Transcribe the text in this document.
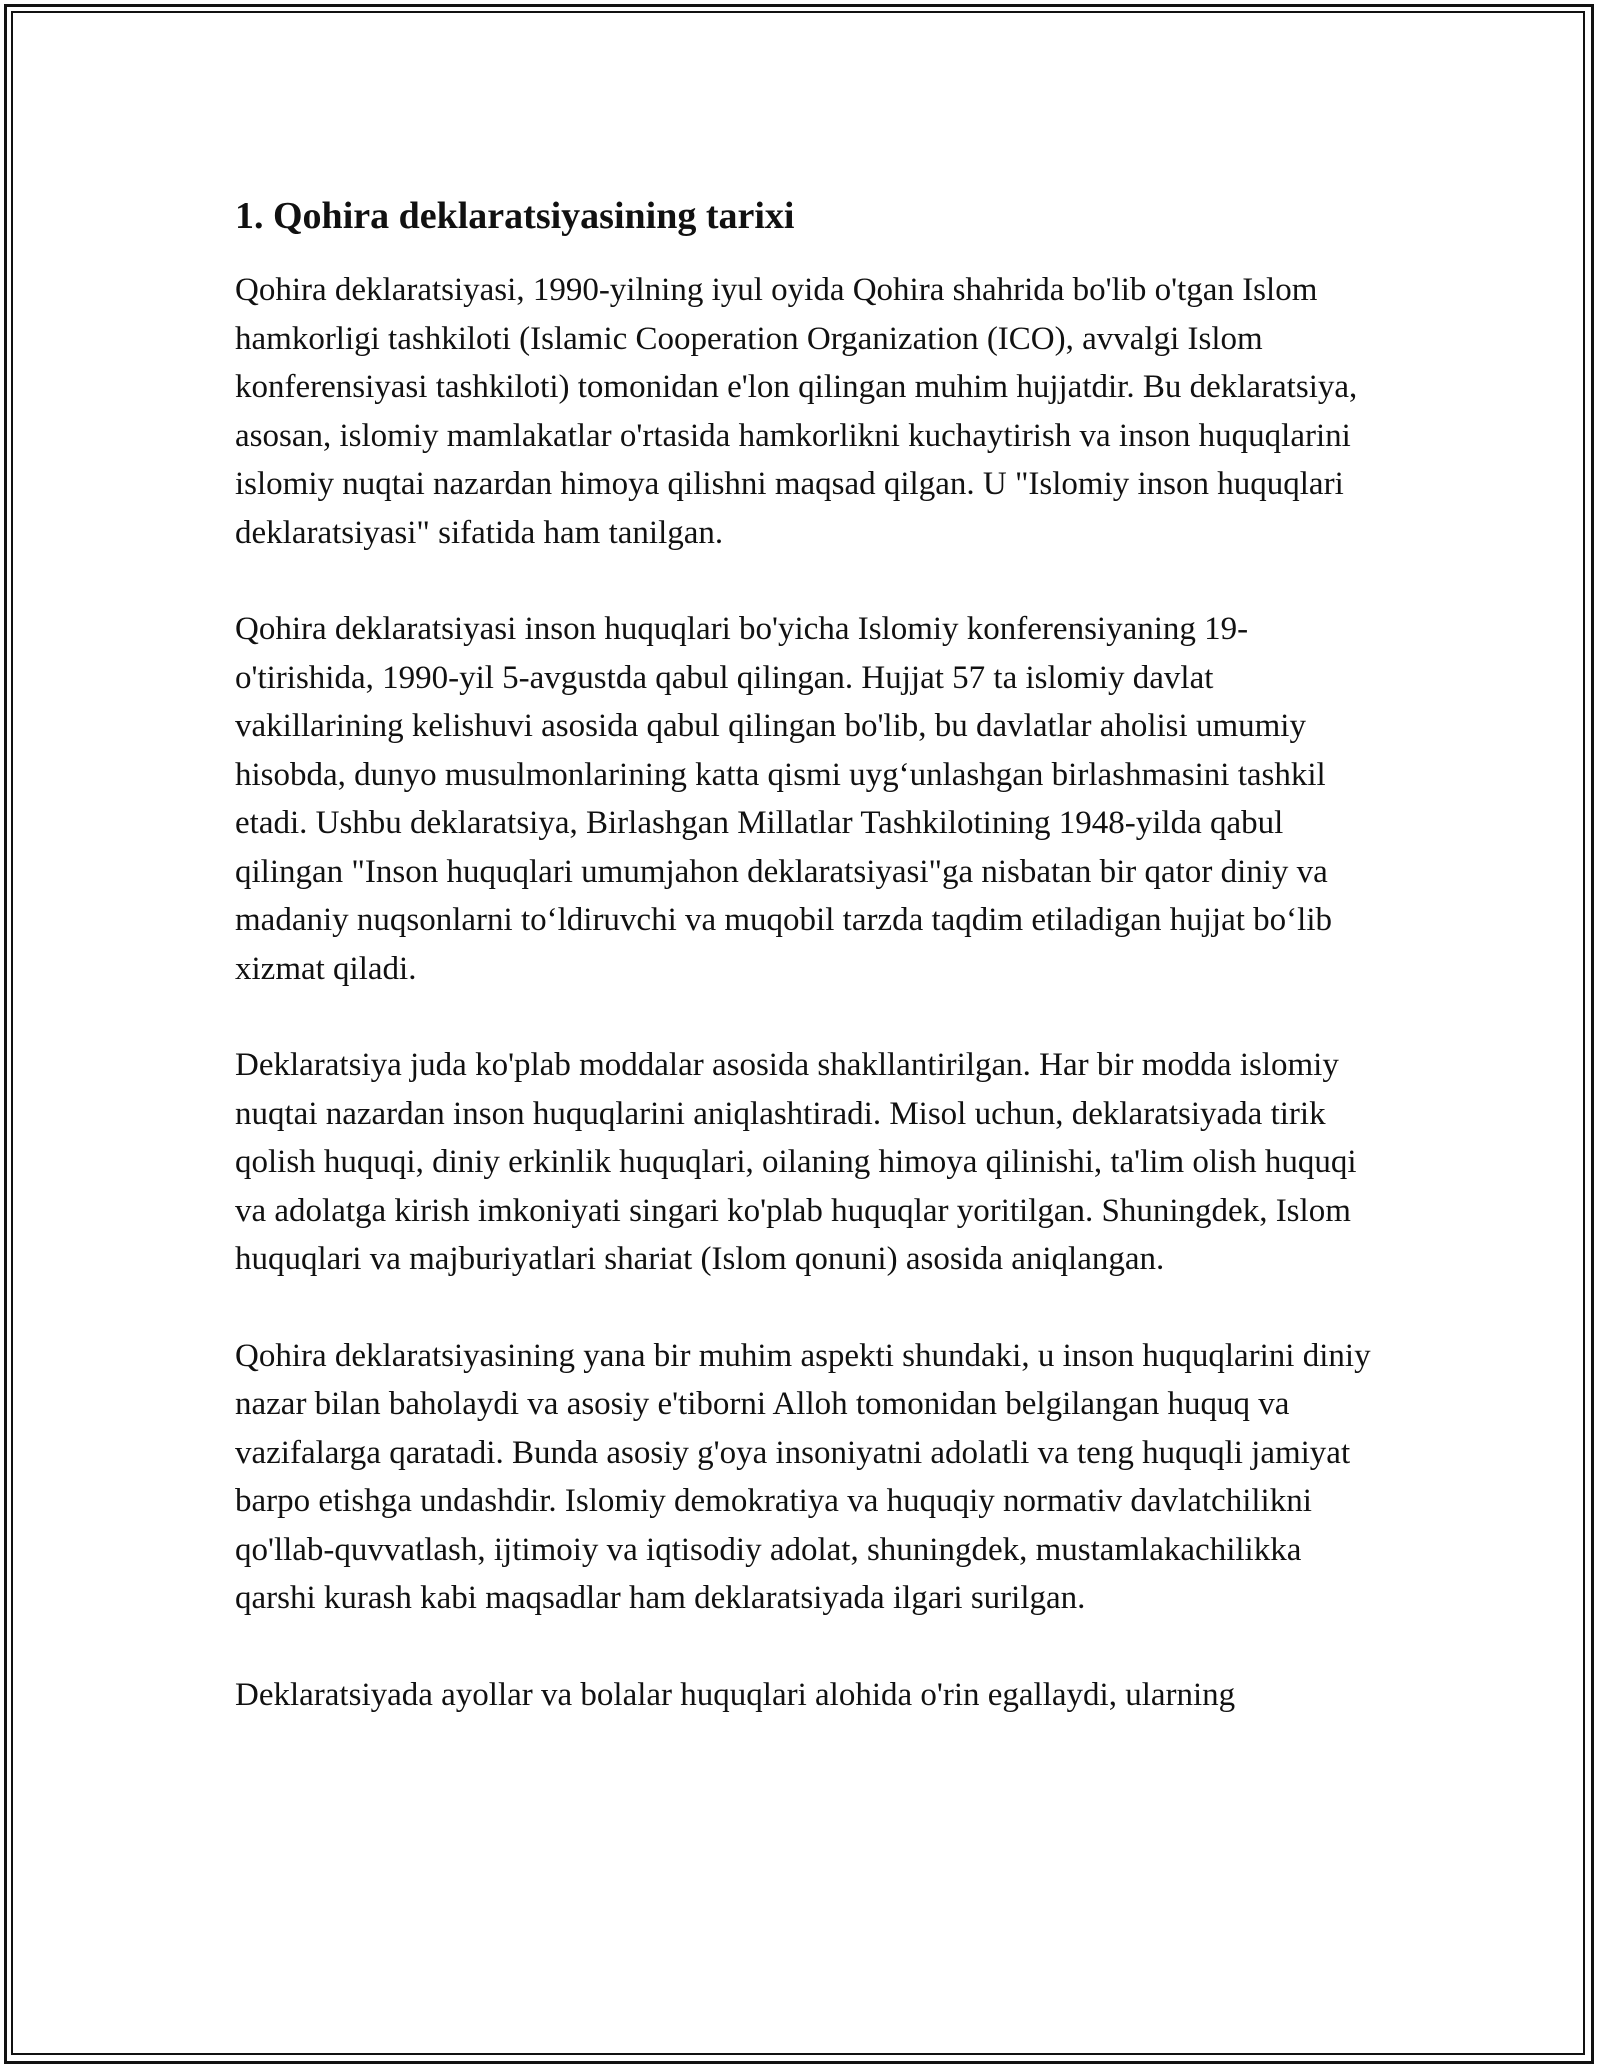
1. Qohira deklaratsiyasining tarixi

Qohira deklaratsiyasi, 1990-yilning iyul oyida Qohira shahrida bo'lib o'tgan Islom hamkorligi tashkiloti (Islamic Cooperation Organization (ICO), avvalgi Islom konferensiyasi tashkiloti) tomonidan e'lon qilingan muhim hujjatdir. Bu deklaratsiya, asosan, islomiy mamlakatlar o'rtasida hamkorlikni kuchaytirish va inson huquqlarini islomiy nuqtai nazardan himoya qilishni maqsad qilgan. U "Islomiy inson huquqlari deklaratsiyasi" sifatida ham tanilgan.

Qohira deklaratsiyasi inson huquqlari bo'yicha Islomiy konferensiyaning 19-o'tirishida, 1990-yil 5-avgustda qabul qilingan. Hujjat 57 ta islomiy davlat vakillarining kelishuvi asosida qabul qilingan bo'lib, bu davlatlar aholisi umumiy hisobda, dunyo musulmonlarining katta qismi uyg‘unlashgan birlashmasini tashkil etadi. Ushbu deklaratsiya, Birlashgan Millatlar Tashkilotining 1948-yilda qabul qilingan "Inson huquqlari umumjahon deklaratsiyasi"ga nisbatan bir qator diniy va madaniy nuqsonlarni to‘ldiruvchi va muqobil tarzda taqdim etiladigan hujjat bo‘lib xizmat qiladi.

Deklaratsiya juda ko'plab moddalar asosida shakllantirilgan. Har bir modda islomiy nuqtai nazardan inson huquqlarini aniqlashtiradi. Misol uchun, deklaratsiyada tirik qolish huquqi, diniy erkinlik huquqlari, oilaning himoya qilinishi, ta'lim olish huquqi va adolatga kirish imkoniyati singari ko'plab huquqlar yoritilgan. Shuningdek, Islom huquqlari va majburiyatlari shariat (Islom qonuni) asosida aniqlangan.

Qohira deklaratsiyasining yana bir muhim aspekti shundaki, u inson huquqlarini diniy nazar bilan baholaydi va asosiy e'tiborni Alloh tomonidan belgilangan huquq va vazifalarga qaratadi. Bunda asosiy g'oya insoniyatni adolatli va teng huquqli jamiyat barpo etishga undashdir. Islomiy demokratiya va huquqiy normativ davlatchilikni qo'llab-quvvatlash, ijtimoiy va iqtisodiy adolat, shuningdek, mustamlakachilikka qarshi kurash kabi maqsadlar ham deklaratsiyada ilgari surilgan.

Deklaratsiyada ayollar va bolalar huquqlari alohida o'rin egallaydi, ularning
